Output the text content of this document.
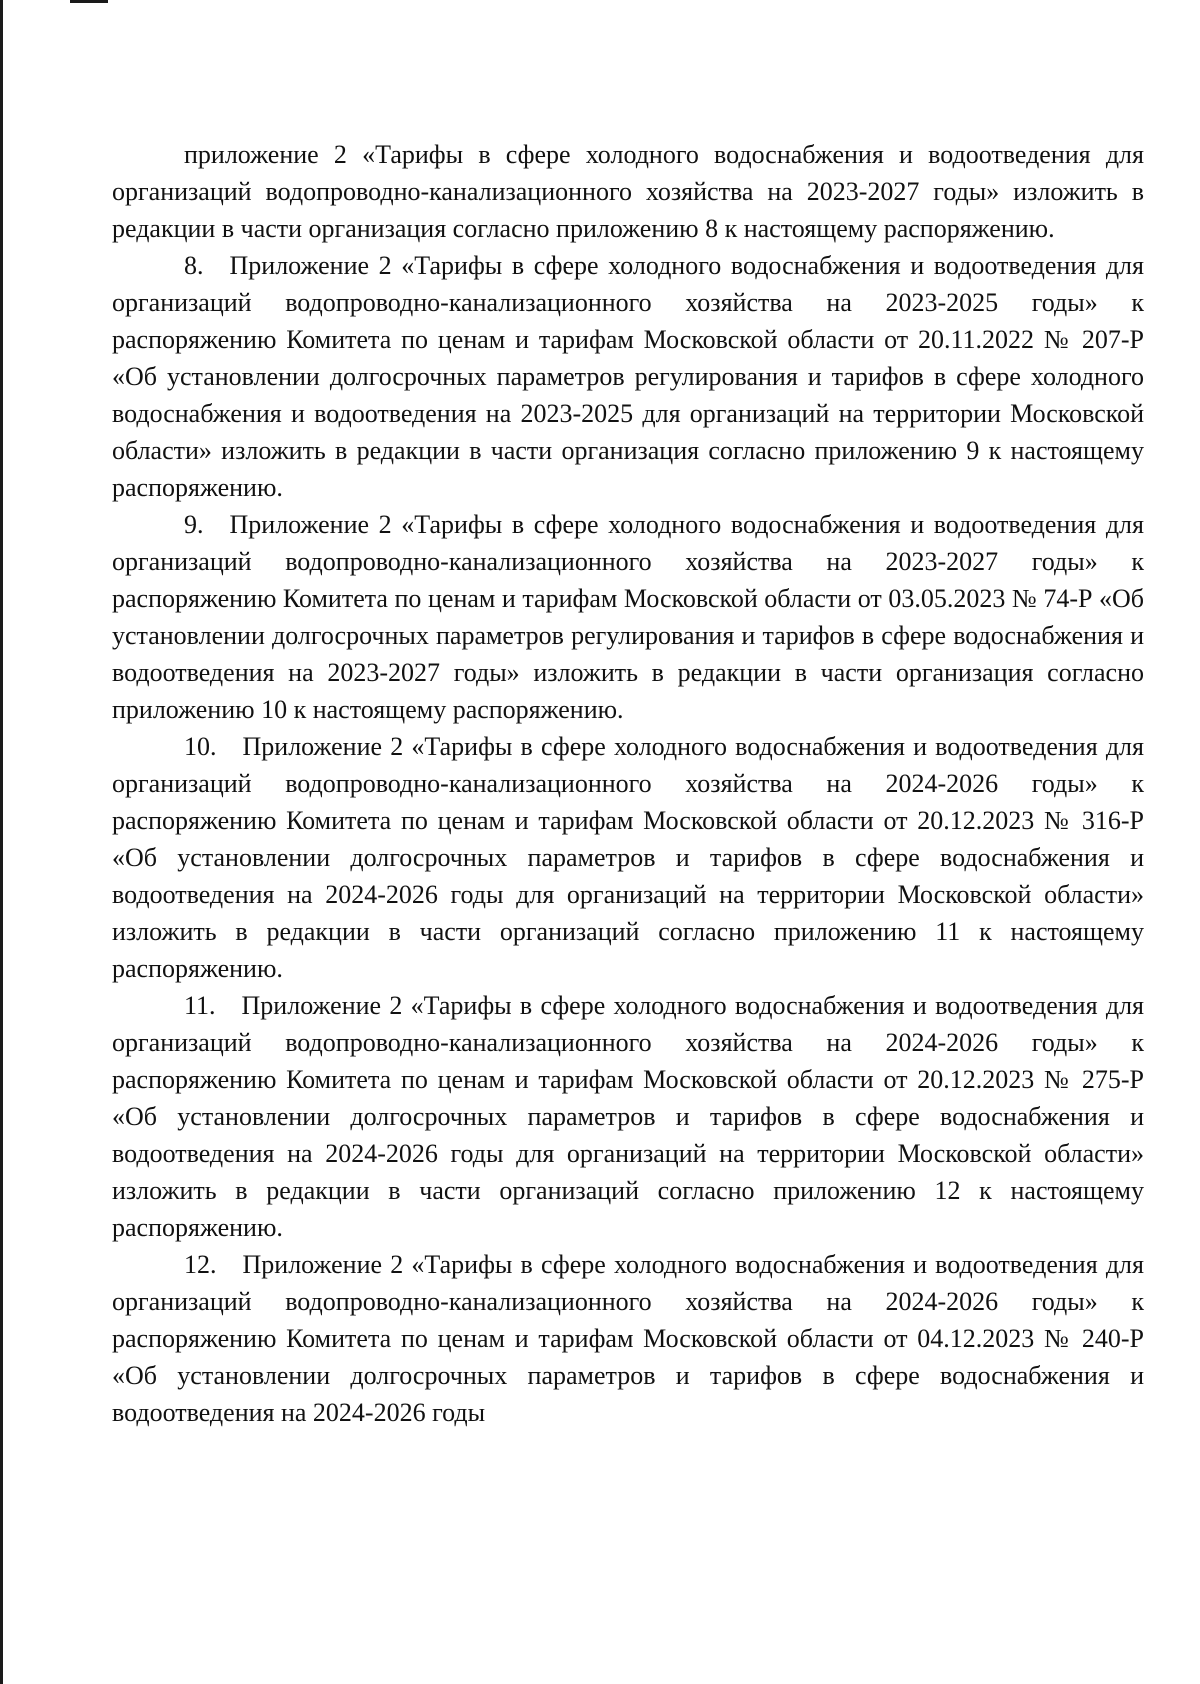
приложение 2 «Тарифы в сфере холодного водоснабжения и водоотведения для организаций водопроводно-канализационного хозяйства на 2023-2027 годы» изложить в редакции в части организация согласно приложению 8 к настоящему распоряжению.

8. Приложение 2 «Тарифы в сфере холодного водоснабжения и водоотведения для организаций водопроводно-канализационного хозяйства на 2023-2025 годы» к распоряжению Комитета по ценам и тарифам Московской области от 20.11.2022 № 207-Р «Об установлении долгосрочных параметров регулирования и тарифов в сфере холодного водоснабжения и водоотведения на 2023-2025 для организаций на территории Московской области» изложить в редакции в части организация согласно приложению 9 к настоящему распоряжению.

9. Приложение 2 «Тарифы в сфере холодного водоснабжения и водоотведения для организаций водопроводно-канализационного хозяйства на 2023-2027 годы» к распоряжению Комитета по ценам и тарифам Московской области от 03.05.2023 № 74-Р «Об установлении долгосрочных параметров регулирования и тарифов в сфере водоснабжения и водоотведения на 2023-2027 годы» изложить в редакции в части организация согласно приложению 10 к настоящему распоряжению.

10. Приложение 2 «Тарифы в сфере холодного водоснабжения и водоотведения для организаций водопроводно-канализационного хозяйства на 2024-2026 годы» к распоряжению Комитета по ценам и тарифам Московской области от 20.12.2023 № 316-Р «Об установлении долгосрочных параметров и тарифов в сфере водоснабжения и водоотведения на 2024-2026 годы для организаций на территории Московской области» изложить в редакции в части организаций согласно приложению 11 к настоящему распоряжению.

11. Приложение 2 «Тарифы в сфере холодного водоснабжения и водоотведения для организаций водопроводно-канализационного хозяйства на 2024-2026 годы» к распоряжению Комитета по ценам и тарифам Московской области от 20.12.2023 № 275-Р «Об установлении долгосрочных параметров и тарифов в сфере водоснабжения и водоотведения на 2024-2026 годы для организаций на территории Московской области» изложить в редакции в части организаций согласно приложению 12 к настоящему распоряжению.

12. Приложение 2 «Тарифы в сфере холодного водоснабжения и водоотведения для организаций водопроводно-канализационного хозяйства на 2024-2026 годы» к распоряжению Комитета по ценам и тарифам Московской области от 04.12.2023 № 240-Р «Об установлении долгосрочных параметров и тарифов в сфере водоснабжения и водоотведения на 2024-2026 годы
